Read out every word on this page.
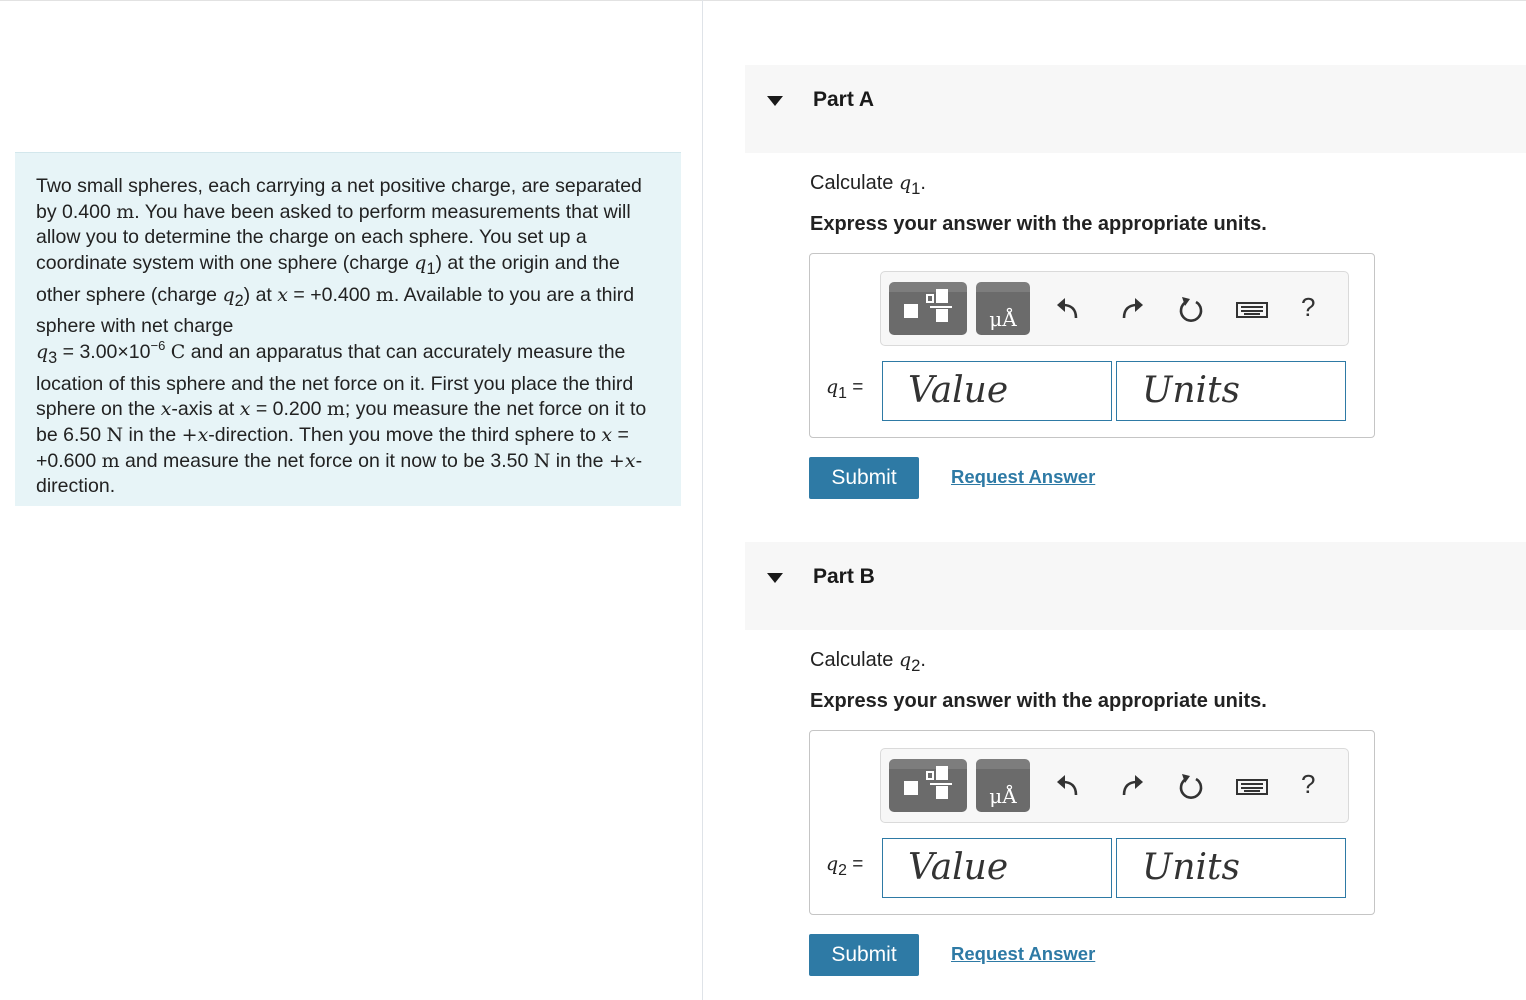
Two small spheres, each carrying a net positive charge, are separated by 0.400 m. You have been asked to perform measurements that will allow you to determine the charge on each sphere. You set up a coordinate system with one sphere (charge $q_1$) at the origin and the other sphere (charge $q_2$) at x = +0.400 m. Available to you are a third sphere with net charge
$q_3 = 3.00\times 10^{-6}$ C and an apparatus that can accurately measure the location of this sphere and the net force on it. First you place the third sphere on the x-axis at x = 0.200 m; you measure the net force on it to be 6.50 N in the +x-direction. Then you move the third sphere to x = +0.600 m and measure the net force on it now to be 3.50 N in the +x-direction.

Part A
Calculate $q_1$.
Express your answer with the appropriate units.
μÅ	?
$q_1$ =	Value	Units
Submit	Request Answer
Part B
Calculate $q_2$.
Express your answer with the appropriate units.
μÅ	?
$q_2$ =	Value	Units
Submit	Request Answer
